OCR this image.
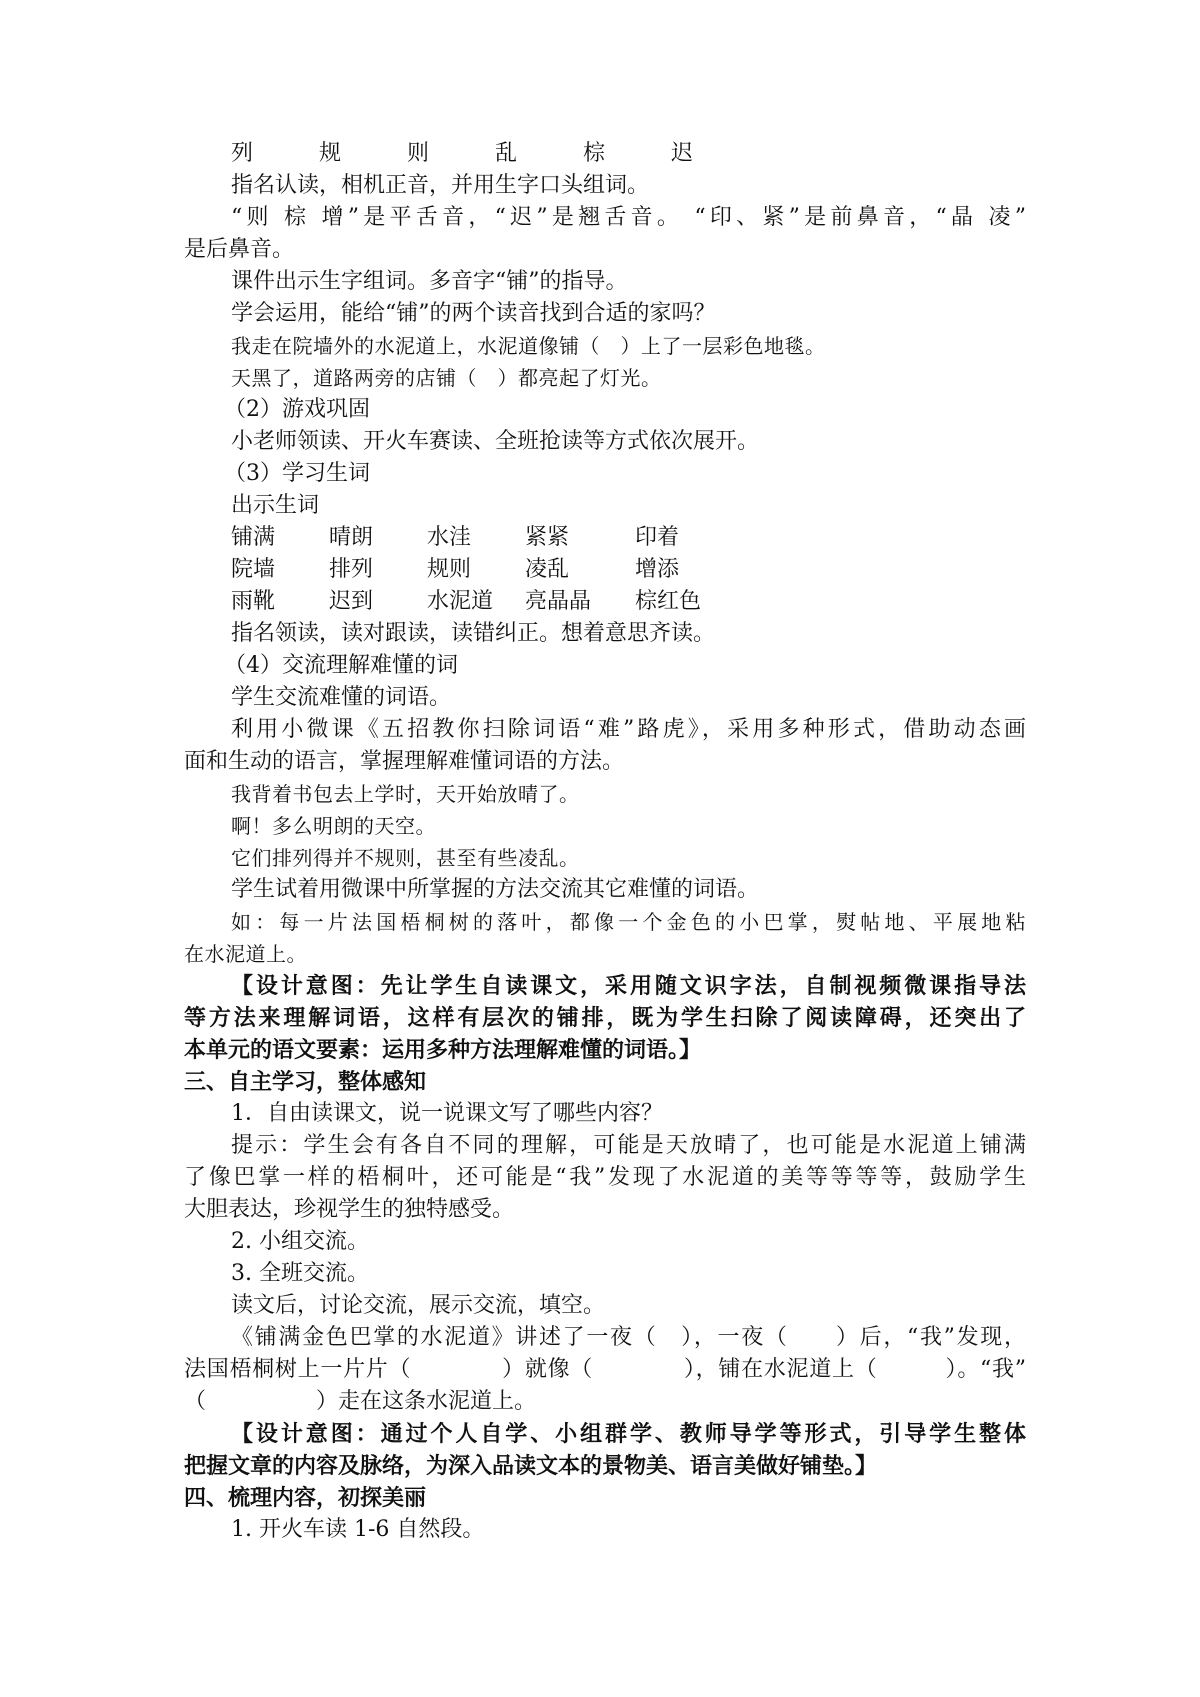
列	规	则	乱	棕	迟
指名认读，相机正音，并用生字口头组词。
“则 棕 增”是平舌音，“迟”是翘舌音。 “印、紧”是前鼻音，“晶 凌”
是后鼻音。
课件出示生字组词。多音字“铺”的指导。
学会运用，能给“铺”的两个读音找到合适的家吗？
我走在院墙外的水泥道上，水泥道像铺（　）上了一层彩色地毯。
天黑了，道路两旁的店铺（　）都亮起了灯光。
（2）游戏巩固
小老师领读、开火车赛读、全班抢读等方式依次展开。
（3）学习生词
出示生词
铺满	晴朗	水洼	紧紧	印着
院墙	排列	规则	凌乱	增添
雨靴	迟到	水泥道	亮晶晶	棕红色
指名领读，读对跟读，读错纠正。想着意思齐读。
（4）交流理解难懂的词
学生交流难懂的词语。
利用小微课《五招教你扫除词语“难”路虎》，采用多种形式，借助动态画
面和生动的语言，掌握理解难懂词语的方法。
我背着书包去上学时，天开始放晴了。
啊！多么明朗的天空。
它们排列得并不规则，甚至有些凌乱。
学生试着用微课中所掌握的方法交流其它难懂的词语。
如：每一片法国梧桐树的落叶，都像一个金色的小巴掌，熨帖地、平展地粘
在水泥道上。
【设计意图：先让学生自读课文，采用随文识字法，自制视频微课指导法
等方法来理解词语，这样有层次的铺排，既为学生扫除了阅读障碍，还突出了
本单元的语文要素：运用多种方法理解难懂的词语。】
三、自主学习，整体感知
1．自由读课文，说一说课文写了哪些内容？
提示：学生会有各自不同的理解，可能是天放晴了，也可能是水泥道上铺满
了像巴掌一样的梧桐叶，还可能是“我”发现了水泥道的美等等等等，鼓励学生
大胆表达，珍视学生的独特感受。
2. 小组交流。
3. 全班交流。
读文后，讨论交流，展示交流，填空。
《铺满金色巴掌的水泥道》讲述了一夜（　），一夜（　　）后，“我”发现，
法国梧桐树上一片片（　　　　）就像（　　　　），铺在水泥道上（　　　）。“我”
（　　　　　）走在这条水泥道上。
【设计意图：通过个人自学、小组群学、教师导学等形式，引导学生整体
把握文章的内容及脉络，为深入品读文本的景物美、语言美做好铺垫。】
四、梳理内容，初探美丽
1. 开火车读 1-6 自然段。
